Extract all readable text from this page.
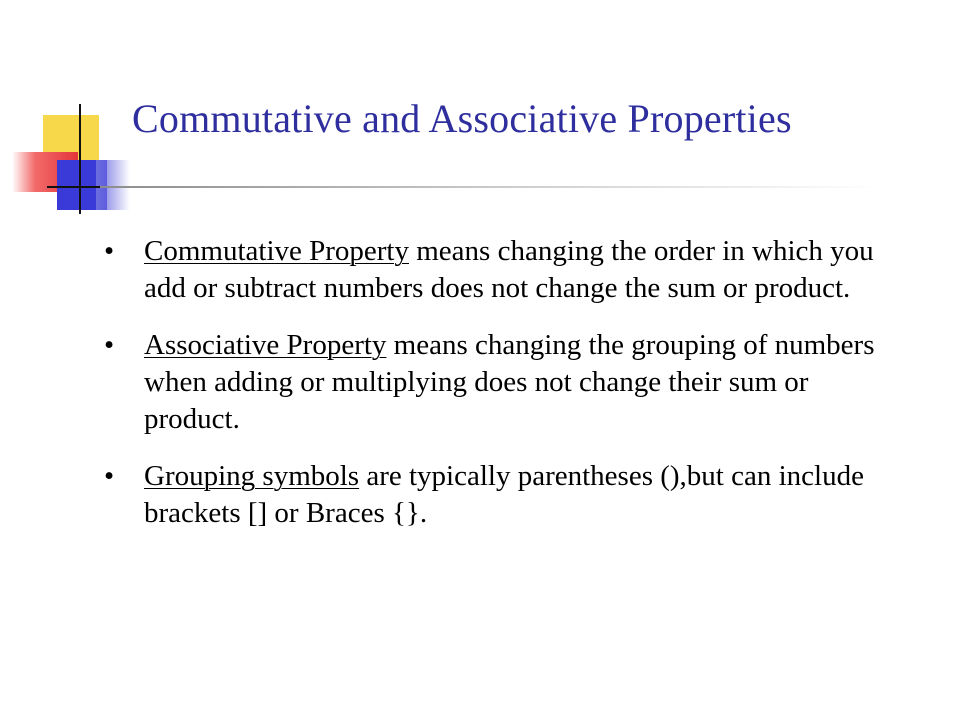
Commutative and Associative Properties
•	Commutative Property means changing the order in which you add or subtract numbers does not change the sum or product.
•	Associative Property means changing the grouping of numbers when adding or multiplying does not change their sum or product.
•	Grouping symbols are typically parentheses (),but can include brackets [] or Braces {}.
